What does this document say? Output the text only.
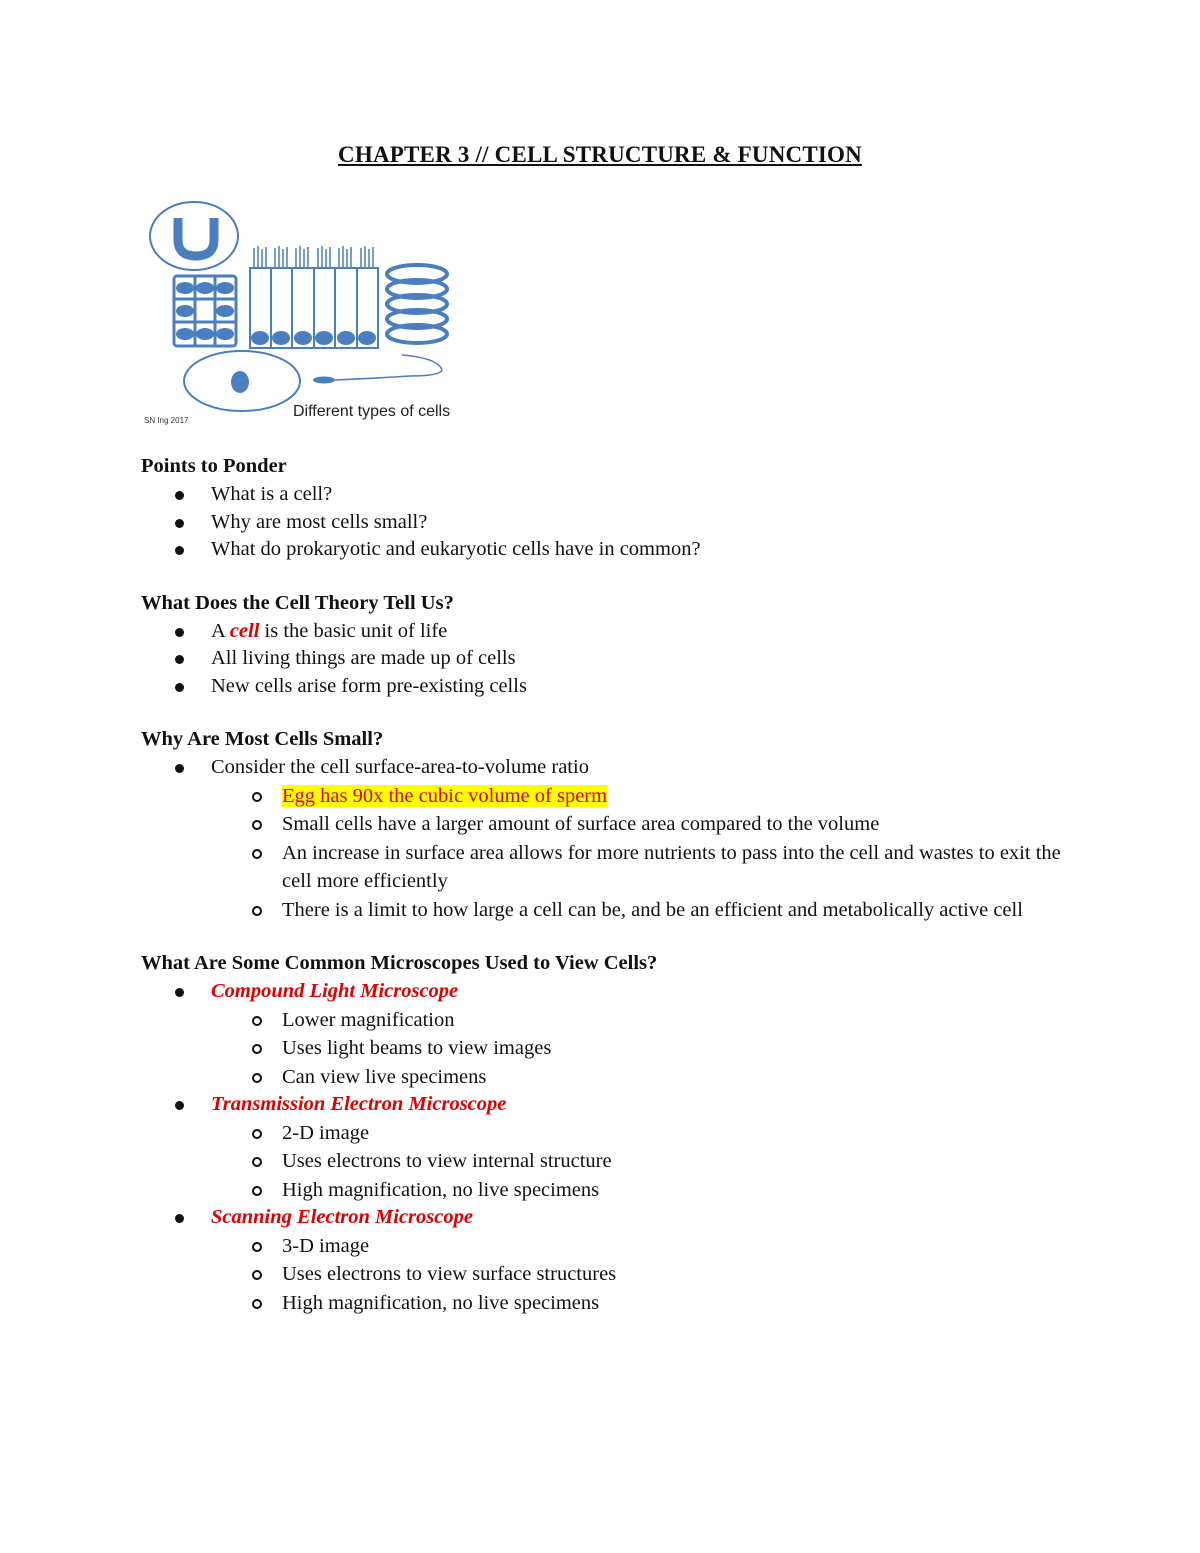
CHAPTER 3 // CELL STRUCTURE & FUNCTION
SN Ing 2017
Different types of cells
Points to Ponder
What is a cell?
Why are most cells small?
What do prokaryotic and eukaryotic cells have in common?
What Does the Cell Theory Tell Us?
A cell is the basic unit of life
All living things are made up of cells
New cells arise form pre-existing cells
Why Are Most Cells Small?
Consider the cell surface-area-to-volume ratio
Egg has 90x the cubic volume of sperm
Small cells have a larger amount of surface area compared to the volume
An increase in surface area allows for more nutrients to pass into the cell and wastes to exit the cell more efficiently
There is a limit to how large a cell can be, and be an efficient and metabolically active cell
What Are Some Common Microscopes Used to View Cells?
Compound Light Microscope
Lower magnification
Uses light beams to view images
Can view live specimens
Transmission Electron Microscope
2-D image
Uses electrons to view internal structure
High magnification, no live specimens
Scanning Electron Microscope
3-D image
Uses electrons to view surface structures
High magnification, no live specimens
